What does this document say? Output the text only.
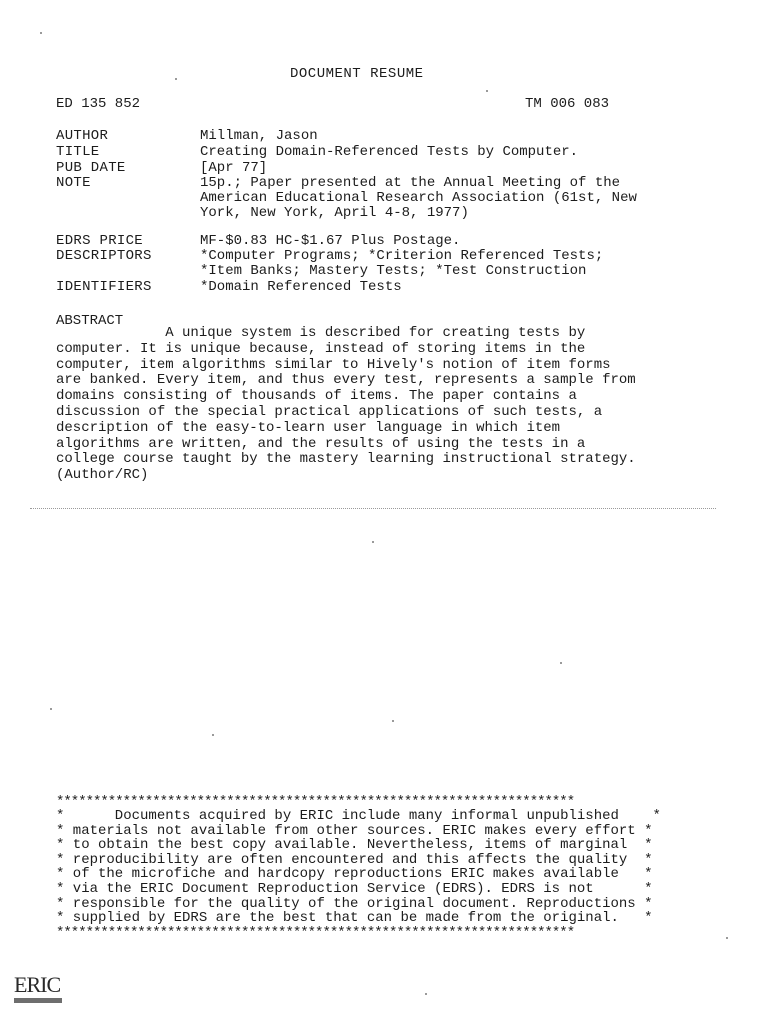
DOCUMENT RESUME
ED 135 852	TM 006 083
AUTHOR	Millman, Jason
TITLE	Creating Domain-Referenced Tests by Computer.
PUB DATE	[Apr 77]
NOTE	15p.; Paper presented at the Annual Meeting of the
American Educational Research Association (61st, New
York, New York, April 4-8, 1977)
EDRS PRICE	MF-$0.83 HC-$1.67 Plus Postage.
DESCRIPTORS	*Computer Programs; *Criterion Referenced Tests;
*Item Banks; Mastery Tests; *Test Construction
IDENTIFIERS	*Domain Referenced Tests
ABSTRACT
A unique system is described for creating tests by
computer. It is unique because, instead of storing items in the
computer, item algorithms similar to Hively's notion of item forms
are banked. Every item, and thus every test, represents a sample from
domains consisting of thousands of items. The paper contains a
discussion of the special practical applications of such tests, a
description of the easy-to-learn user language in which item
algorithms are written, and the results of using the tests in a
college course taught by the mastery learning instructional strategy.
(Author/RC)
**********************************************************************
*      Documents acquired by ERIC include many informal unpublished    *
* materials not available from other sources. ERIC makes every effort *
* to obtain the best copy available. Nevertheless, items of marginal  *
* reproducibility are often encountered and this affects the quality  *
* of the microfiche and hardcopy reproductions ERIC makes available   *
* via the ERIC Document Reproduction Service (EDRS). EDRS is not      *
* responsible for the quality of the original document. Reproductions *
* supplied by EDRS are the best that can be made from the original.   *
**********************************************************************
ERIC
